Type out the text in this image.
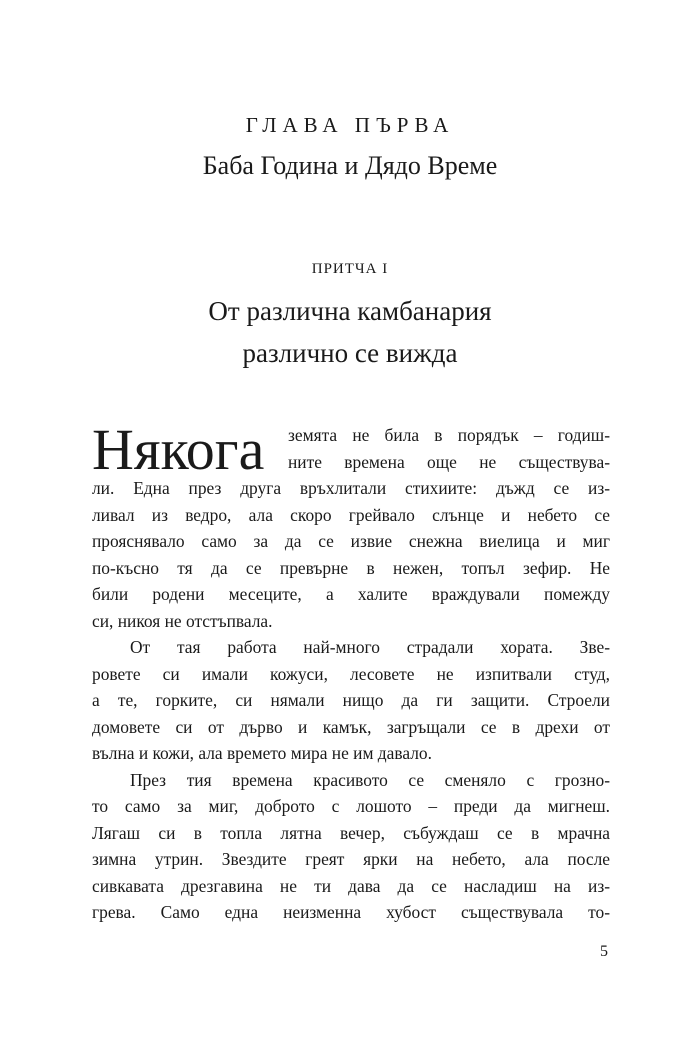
ГЛАВА ПЪРВА
Баба Година и Дядо Време
ПРИТЧА I
От различна камбанария
различно се вижда
Някога земята не била в порядък – годиш-
ните времена още не съществува-
ли. Една през друга връхлитали стихиите: дъжд се из-
ливал из ведро, ала скоро грейвало слънце и небето се
прояснявало само за да се извие снежна виелица и миг
по-късно тя да се превърне в нежен, топъл зефир. Не
били родени месеците, а халите враждували помежду
си, никоя не отстъпвала.
От тая работа най-много страдали хората. Зве-
ровете си имали кожуси, лесовете не изпитвали студ,
а те, горките, си нямали нищо да ги защити. Строели
домовете си от дърво и камък, загръщали се в дрехи от
вълна и кожи, ала времето мира не им давало.
През тия времена красивото се сменяло с грозно-
то само за миг, доброто с лошото – преди да мигнеш.
Лягаш си в топла лятна вечер, събуждаш се в мрачна
зимна утрин. Звездите греят ярки на небето, ала после
сивкавата дрезгавина не ти дава да се насладиш на из-
грева. Само една неизменна хубост съществувала то-
5
